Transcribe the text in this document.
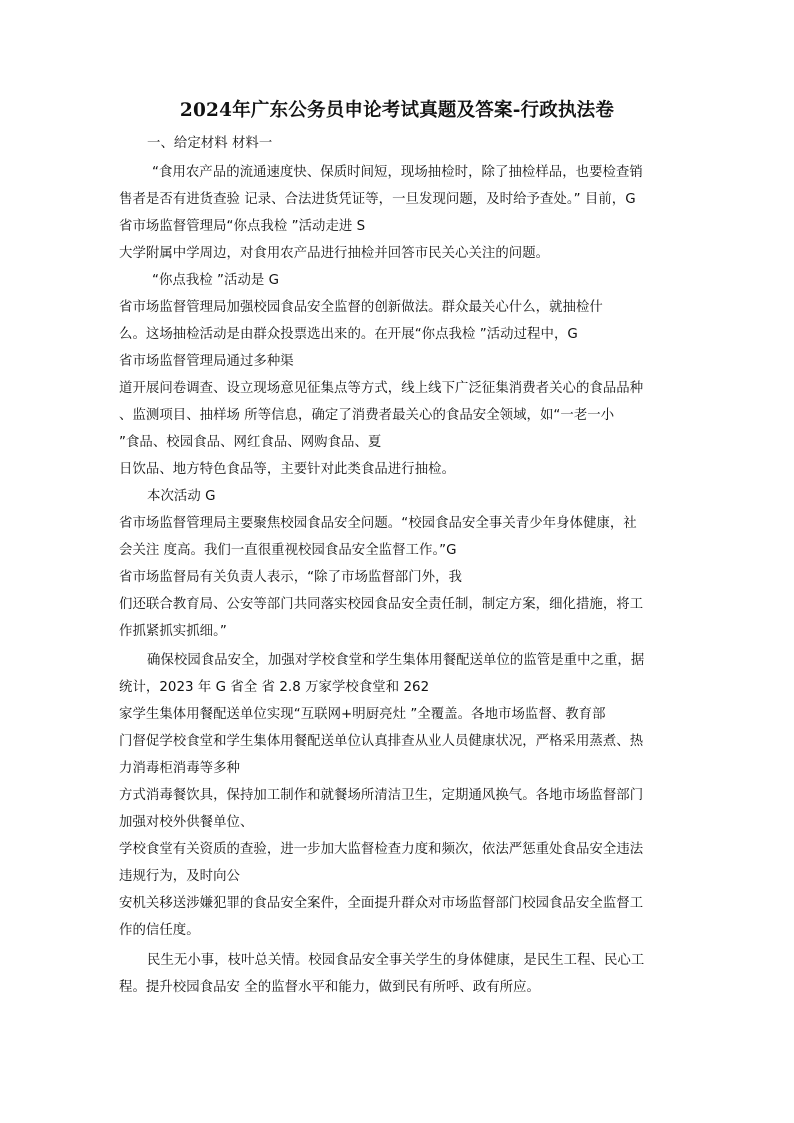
2024年广东公务员申论考试真题及答案-行政执法卷
一、给定材料 材料一
“食用农产品的流通速度快、保质时间短，现场抽检时，除了抽检样品，也要检查销
售者是否有进货查验 记录、合法进货凭证等，一旦发现问题，及时给予查处。” 目前，G
省市场监督管理局“你点我检 ”活动走进 S
大学附属中学周边，对食用农产品进行抽检并回答市民关心关注的问题。
“你点我检 ”活动是 G
省市场监督管理局加强校园食品安全监督的创新做法。群众最关心什么，就抽检什
么。这场抽检活动是由群众投票选出来的。在开展“你点我检 ”活动过程中，G
省市场监督管理局通过多种渠
道开展问卷调查、设立现场意见征集点等方式，线上线下广泛征集消费者关心的食品品种
、监测项目、抽样场 所等信息，确定了消费者最关心的食品安全领域，如“一老一小
”食品、校园食品、网红食品、网购食品、夏
日饮品、地方特色食品等，主要针对此类食品进行抽检。
本次活动 G
省市场监督管理局主要聚焦校园食品安全问题。“校园食品安全事关青少年身体健康，社
会关注 度高。我们一直很重视校园食品安全监督工作。”G
省市场监督局有关负责人表示，“除了市场监督部门外，我
们还联合教育局、公安等部门共同落实校园食品安全责任制，制定方案，细化措施，将工
作抓紧抓实抓细。”
确保校园食品安全，加强对学校食堂和学生集体用餐配送单位的监管是重中之重，据
统计，2023 年 G 省全 省 2.8 万家学校食堂和 262
家学生集体用餐配送单位实现“互联网+明厨亮灶 ”全覆盖。各地市场监督、教育部
门督促学校食堂和学生集体用餐配送单位认真排查从业人员健康状况，严格采用蒸煮、热
力消毒柜消毒等多种
方式消毒餐饮具，保持加工制作和就餐场所清洁卫生，定期通风换气。各地市场监督部门
加强对校外供餐单位、
学校食堂有关资质的查验，进一步加大监督检查力度和频次，依法严惩重处食品安全违法
违规行为，及时向公
安机关移送涉嫌犯罪的食品安全案件，全面提升群众对市场监督部门校园食品安全监督工
作的信任度。
民生无小事，枝叶总关情。校园食品安全事关学生的身体健康，是民生工程、民心工
程。提升校园食品安 全的监督水平和能力，做到民有所呼、政有所应。
